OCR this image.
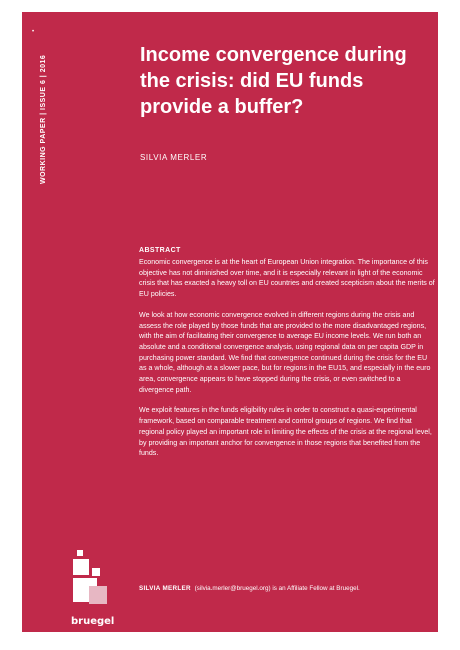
•
WORKING PAPER | ISSUE 6 | 2016	Income convergence during the crisis: did EU funds provide a buffer?
SILVIA MERLER
ABSTRACT

Economic convergence is at the heart of European Union integration. The importance of this objective has not diminished over time, and it is especially relevant in light of the economic crisis that has exacted a heavy toll on EU countries and created scepticism about the merits of EU policies.

We look at how economic convergence evolved in different regions during the crisis and assess the role played by those funds that are provided to the more disadvantaged regions, with the aim of facilitating their convergence to average EU income levels. We run both an absolute and a conditional convergence analysis, using regional data on per capita GDP in purchasing power standard. We find that convergence continued during the crisis for the EU as a whole, although at a slower pace, but for regions in the EU15, and especially in the euro area, convergence appears to have stopped during the crisis, or even switched to a divergence path.

We exploit features in the funds eligibility rules in order to construct a quasi-experimental framework, based on comparable treatment and control groups of regions. We find that regional policy played an important role in limiting the effects of the crisis at the regional level, by providing an important anchor for convergence in those regions that benefited from the funds.

SILVIA MERLER (silvia.merler@bruegel.org) is an Affiliate Fellow at Bruegel.
bruegel
